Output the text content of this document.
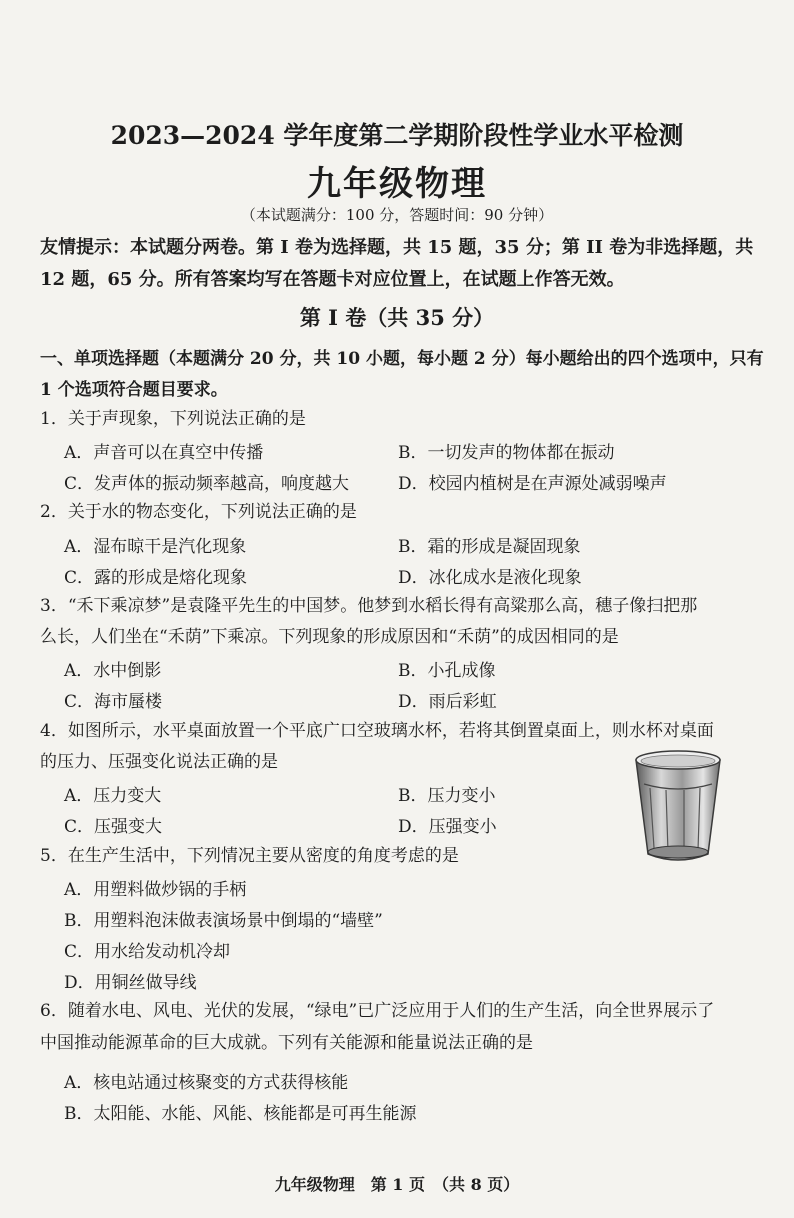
2023—2024 学年度第二学期阶段性学业水平检测
九年级物理
（本试题满分：100 分，答题时间：90 分钟）
友情提示：本试题分两卷。第 I 卷为选择题，共 15 题，35 分；第 II 卷为非选择题，共 12 题，65 分。所有答案均写在答题卡对应位置上，在试题上作答无效。
第 I 卷（共 35 分）
一、单项选择题（本题满分 20 分，共 10 小题，每小题 2 分）每小题给出的四个选项中，只有 1 个选项符合题目要求。
1．关于声现象，下列说法正确的是
A．声音可以在真空中传播	B．一切发声的物体都在振动
C．发声体的振动频率越高，响度越大	D．校园内植树是在声源处减弱噪声
2．关于水的物态变化，下列说法正确的是
A．湿布晾干是汽化现象	B．霜的形成是凝固现象
C．露的形成是熔化现象	D．冰化成水是液化现象
3．“禾下乘凉梦”是袁隆平先生的中国梦。他梦到水稻长得有高粱那么高，穗子像扫把那
么长，人们坐在“禾荫”下乘凉。下列现象的形成原因和“禾荫”的成因相同的是
A．水中倒影	B．小孔成像
C．海市蜃楼	D．雨后彩虹
4．如图所示，水平桌面放置一个平底广口空玻璃水杯，若将其倒置桌面上，则水杯对桌面
的压力、压强变化说法正确的是
A．压力变大	B．压力变小
C．压强变大	D．压强变小
5．在生产生活中，下列情况主要从密度的角度考虑的是
A．用塑料做炒锅的手柄
B．用塑料泡沫做表演场景中倒塌的“墙壁”
C．用水给发动机冷却
D．用铜丝做导线
6．随着水电、风电、光伏的发展，“绿电”已广泛应用于人们的生产生活，向全世界展示了
中国推动能源革命的巨大成就。下列有关能源和能量说法正确的是
A．核电站通过核聚变的方式获得核能
B．太阳能、水能、风能、核能都是可再生能源
九年级物理　第 1 页　（共 8 页）
